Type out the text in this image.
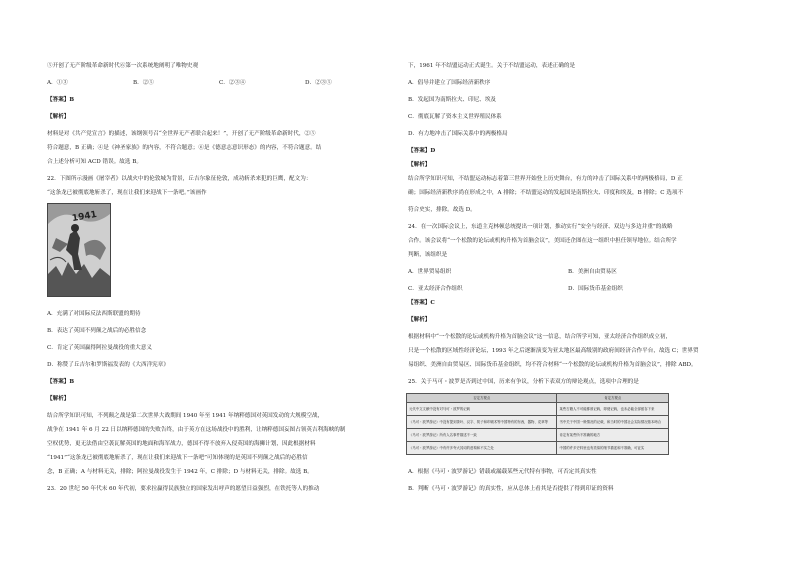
⑤开创了无产阶级革命新时代⑥第一次系统地阐明了唯物史观
A．①③	B．②⑤	C．②③④	D．②③⑤
【答案】B
【解析】
材料是对《共产党宣言》的描述，该纲领号召“全世界无产者联合起来！”，开创了无产阶级革命新时代，②⑤
符合题意，B 正确；④是《神圣家族》的内容，不符合题意；⑥是《德意志意识形态》的内容，不符合题意。结
合上述分析可知 ACD 错误。故选 B。
22．下图所示漫画《屠宰者》以战火中的伦敦城为背景，丘吉尔象征伦敦，成功斩杀来犯的巨鹰，配文为：
“这条龙已被彻底地斩杀了，现在让我们来迎战下一条吧。”该画作
A．充满了对国际反法西斯联盟的期待
B．表达了英国不列颠之战后的必胜信念
C．肯定了英国赢得阿拉曼战役的重大意义
D．称赞了丘吉尔和罗斯福发表的《大西洋宪章》
【答案】B
【解析】
结合所学知识可知，不列颠之战是第二次世界大战期间 1940 年至 1941 年纳粹德国对英国发动的大规模空战，
战争在 1941 年 6 月 22 日以纳粹德国的失败告终，由于英方在这场战役中的胜利，让纳粹德国妄图占领英吉利海峡的制
空权优势，更无法借由空袭瓦解英国的地面和海军战力，德国不得不放弃入侵英国的海狮计划，因此根据材料
“1941”“这条龙已被彻底地斩杀了，现在让我们来迎战下一条吧”可知体现的是英国不列颠之战后的必胜信
念，B 正确；A 与材料无关，排除；阿拉曼战役发生于 1942 年，C 排除；D 与材料无关，排除。故选 B。
23．20 世纪 50 年代末 60 年代初，要求拉赢得民族独立的国家发出呼声的愿望日益强烈，在铁托等人的推动
1941
下，1961 年不结盟运动正式诞生。关于不结盟运动，表述正确的是
A．倡导并建立了国际经济新秩序
B．发起国为南斯拉夫、印尼、埃及
C．彻底瓦解了资本主义世界殖民体系
D．有力地冲击了国际关系中的两极格局
【答案】D
【解析】
结合所学知识可知，不结盟运动标志着第三世界开始登上历史舞台，有力的冲击了国际关系中的两极格局，D 正
确；国际经济新秩序尚在形成之中，A 排除；不结盟运动的发起国是南斯拉夫、印度和埃及，B 排除；C 选项不
符合史实，排除。故选 D。
24．在一次国际会议上，东道主克林顿总统提出一项计划，推动实行“安全与经济、双边与多边并重”的战略
合作。该会议将“一个松散的论坛或机构升格为首脑会议”，美国还企图在这一组织中担任领导地位。结合所学
判断，该组织是
A．世界贸易组织	B．美洲自由贸易区
C．亚太经济合作组织	D．国际货币基金组织
【答案】C
【解析】
根据材料中“一个松散的论坛或机构升格为首脑会议”这一信息，结合所学可知，亚太经济合作组织成立初，
只是一个松散的区域性经济论坛，1993 年之后逐渐演变为亚太地区最高级别的政府间经济合作平台，故选 C；世界贸
易组织、美洲自由贸易区、国际货币基金组织，均不符合材料“一个松散的论坛或机构升格为首脑会议”，排除 ABD。
25．关于马可・波罗是否到过中国，历来有争议，分析下表双方的辩论观点，选项中合理的是
A．根据《马可・波罗游记》错载或漏载某些元代特有事物，可否定其真实性
B．判断《马可・波罗游记》的真实性，应从总体上看其是否提供了得到印证的资料
否定方观点	肯定方观点
元代中文文献中没有对马可・波罗的记载	某些古籍人不可能都被记载，即便记载，也未必能全部留存下来
《马可・波罗游记》中没有提到茶叶、汉字、筷子和印刷术等中国特有的东西，器物、花草等	书中关于中国一般情况的记载，和当时的中国社会实际情况基本吻合
《马可・波罗游记》所有人名事件描述不一致	肯定有某些所不准确的地方
《马可・波罗游记》中有许多夸大其词的虚构和不实之处	中国的许多史料里也有类似的细节描述和不准确，可证实
